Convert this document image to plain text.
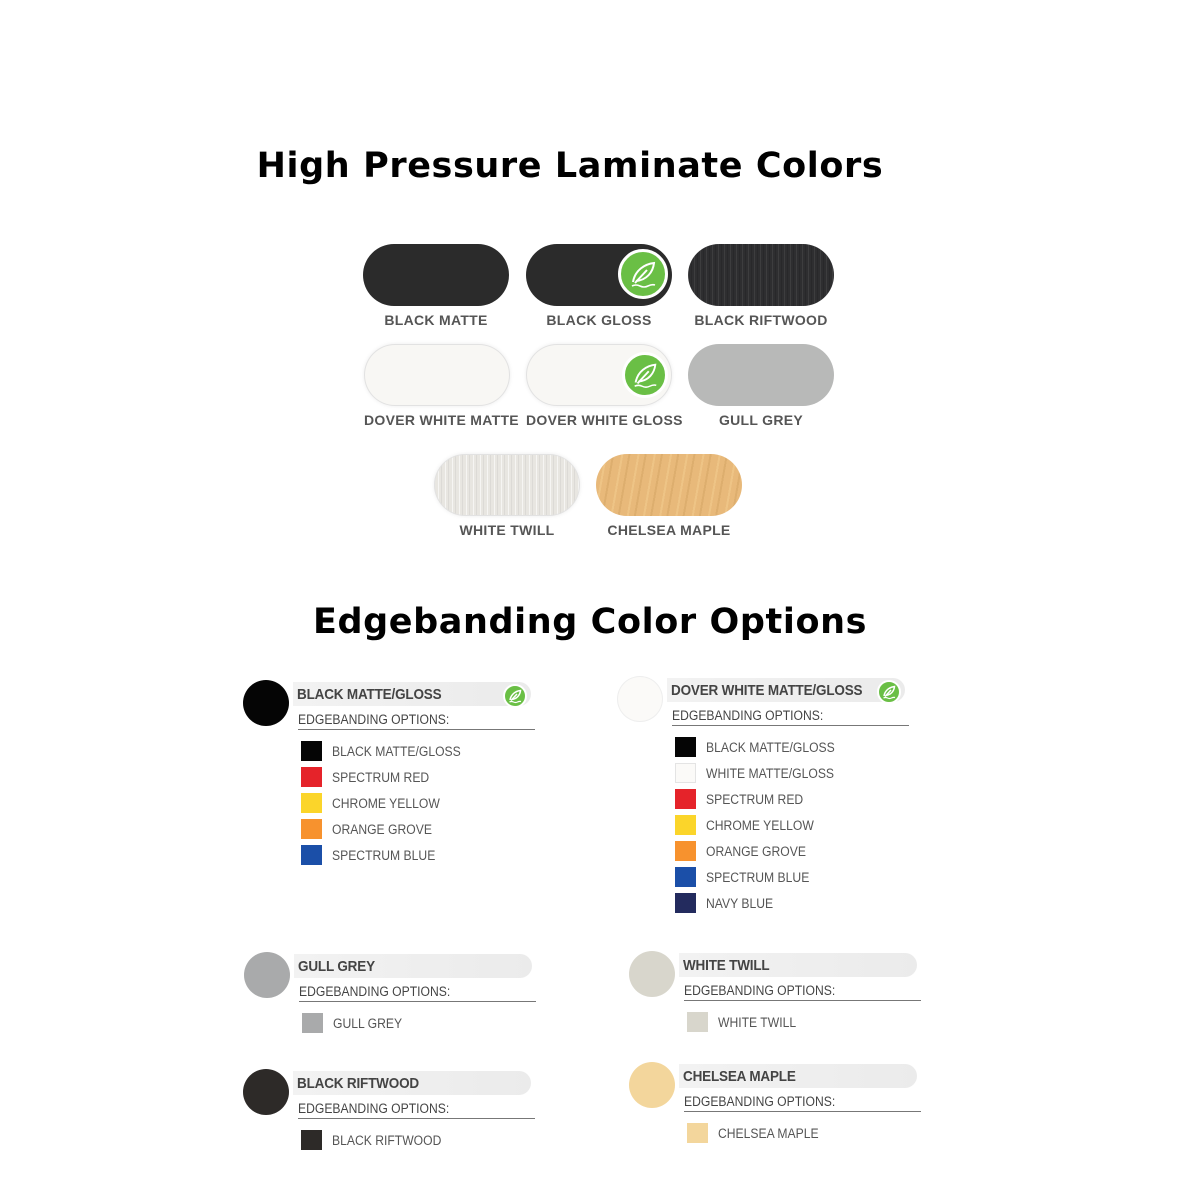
High Pressure Laminate Colors
BLACK MATTE	BLACK GLOSS	BLACK RIFTWOOD
DOVER WHITE MATTE DOVER WHITE GLOSS	GULL GREY
WHITE TWILL	CHELSEA MAPLE
Edgebanding Color Options
BLACK MATTE/GLOSS
EDGEBANDING OPTIONS:
BLACK MATTE/GLOSS
SPECTRUM RED
CHROME YELLOW
ORANGE GROVE
SPECTRUM BLUE
DOVER WHITE MATTE/GLOSS
EDGEBANDING OPTIONS:
BLACK MATTE/GLOSS
WHITE MATTE/GLOSS
SPECTRUM RED
CHROME YELLOW
ORANGE GROVE
SPECTRUM BLUE
NAVY BLUE
GULL GREY
EDGEBANDING OPTIONS:
GULL GREY
WHITE TWILL
EDGEBANDING OPTIONS:
WHITE TWILL
BLACK RIFTWOOD
EDGEBANDING OPTIONS:
BLACK RIFTWOOD
CHELSEA MAPLE
EDGEBANDING OPTIONS:
CHELSEA MAPLE
